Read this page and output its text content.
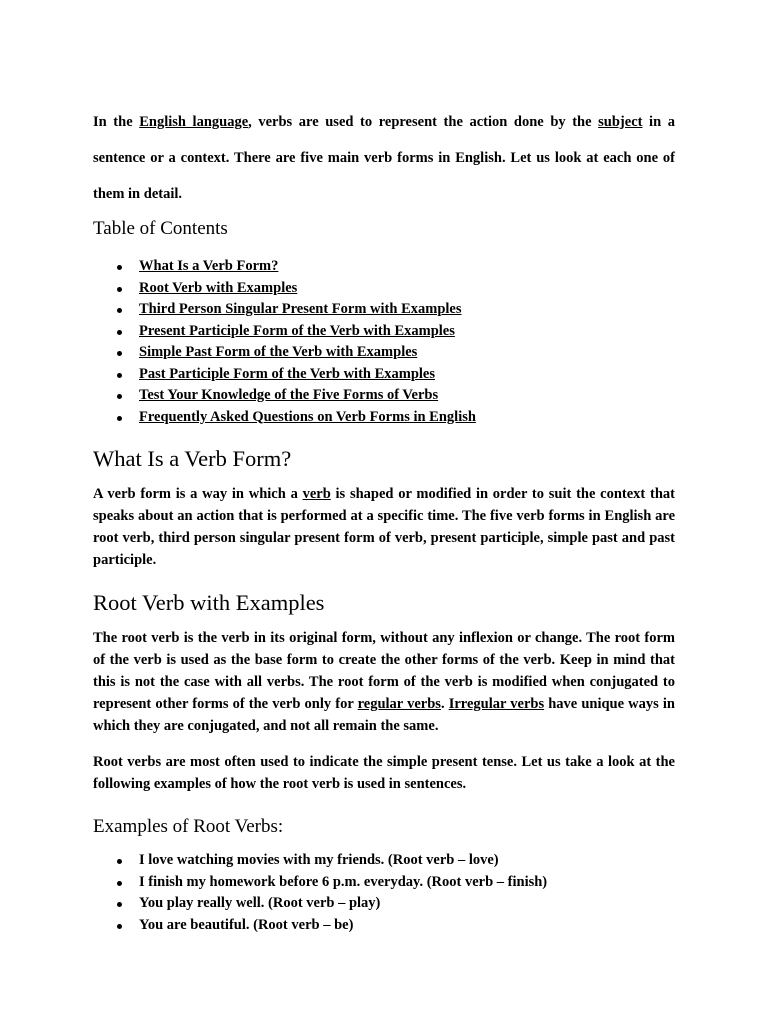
In the English language, verbs are used to represent the action done by the subject in a sentence or a context. There are five main verb forms in English. Let us look at each one of them in detail.

Table of Contents
What Is a Verb Form?
Root Verb with Examples
Third Person Singular Present Form with Examples
Present Participle Form of the Verb with Examples
Simple Past Form of the Verb with Examples
Past Participle Form of the Verb with Examples
Test Your Knowledge of the Five Forms of Verbs
Frequently Asked Questions on Verb Forms in English
What Is a Verb Form?

A verb form is a way in which a verb is shaped or modified in order to suit the context that speaks about an action that is performed at a specific time. The five verb forms in English are root verb, third person singular present form of verb, present participle, simple past and past participle.

Root Verb with Examples

The root verb is the verb in its original form, without any inflexion or change. The root form of the verb is used as the base form to create the other forms of the verb. Keep in mind that this is not the case with all verbs. The root form of the verb is modified when conjugated to represent other forms of the verb only for regular verbs. Irregular verbs have unique ways in which they are conjugated, and not all remain the same.

Root verbs are most often used to indicate the simple present tense. Let us take a look at the following examples of how the root verb is used in sentences.

Examples of Root Verbs:
I love watching movies with my friends. (Root verb – love)
I finish my homework before 6 p.m. everyday. (Root verb – finish)
You play really well. (Root verb – play)
You are beautiful. (Root verb – be)
